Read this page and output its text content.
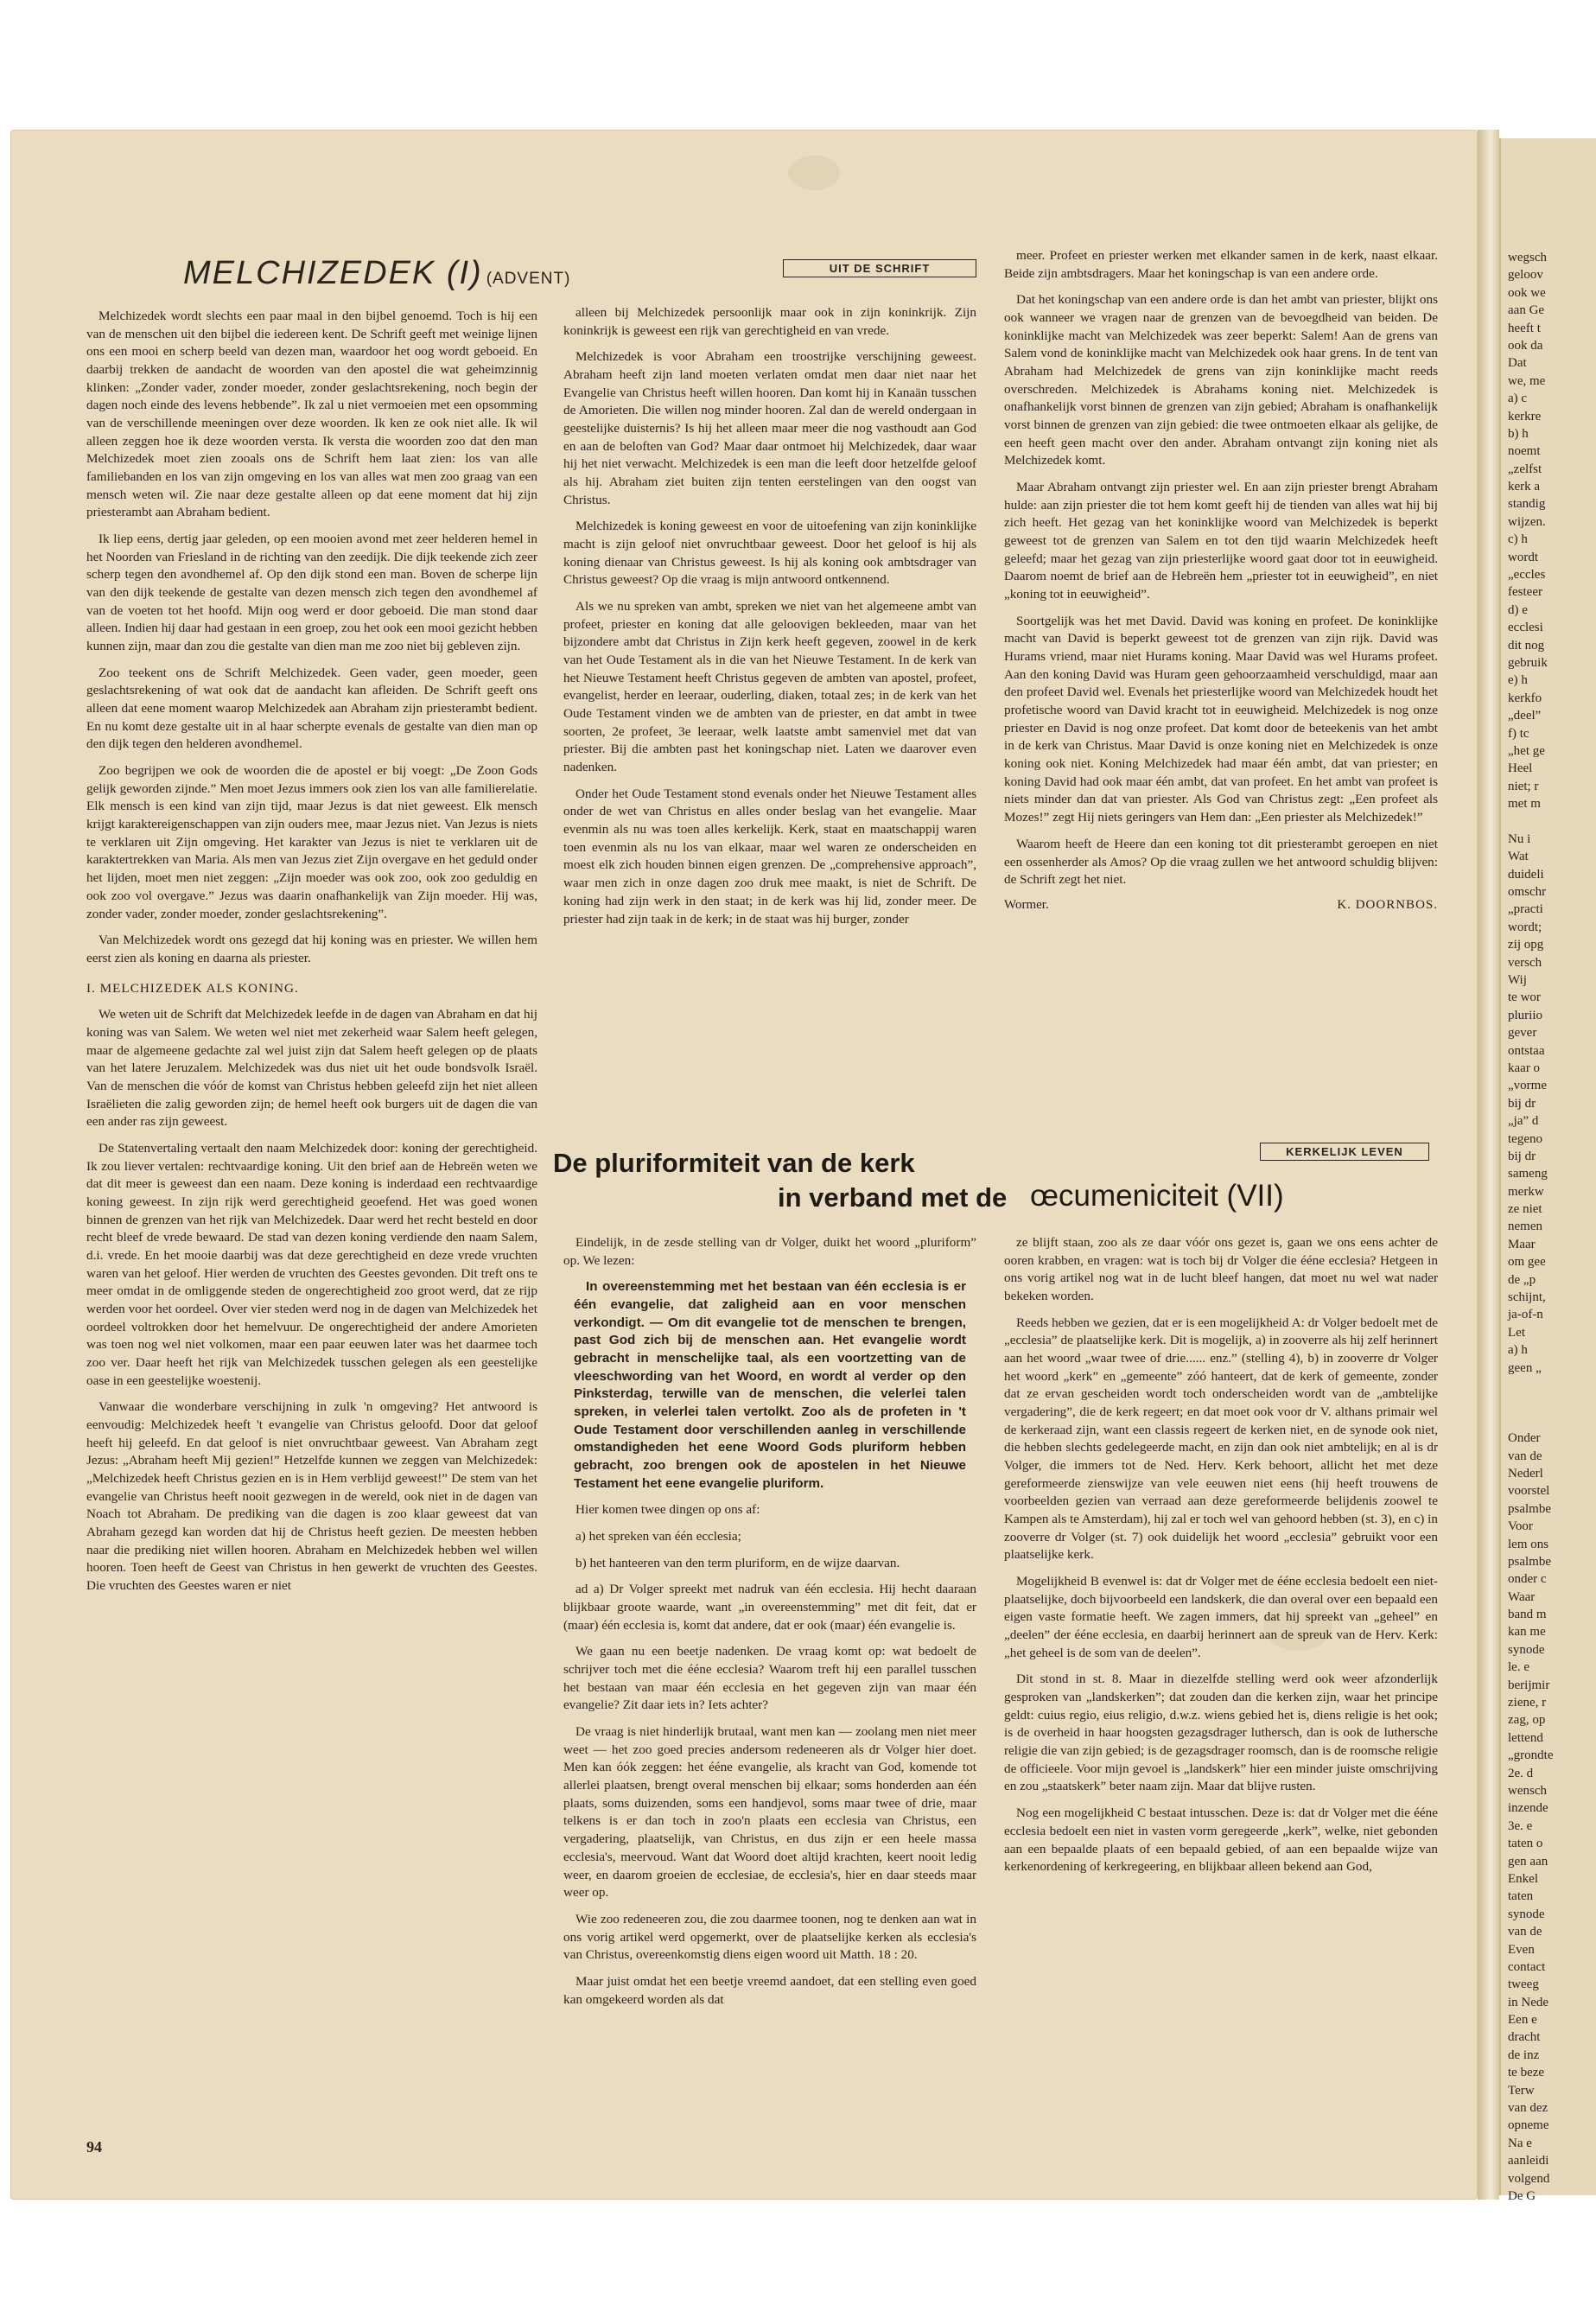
MELCHIZEDEK (I) (ADVENT)
UIT DE SCHRIFT

Melchizedek wordt slechts een paar maal in den bijbel genoemd. Toch is hij een van de menschen uit den bijbel die iedereen kent. De Schrift geeft met weinige lijnen ons een mooi en scherp beeld van dezen man, waardoor het oog wordt geboeid. En daarbij trekken de aandacht de woorden van den apostel die wat geheimzinnig klinken: „Zonder vader, zonder moeder, zonder geslachtsrekening, noch begin der dagen noch einde des levens hebbende”. Ik zal u niet vermoeien met een opsomming van de verschillende meeningen over deze woorden. Ik ken ze ook niet alle. Ik wil alleen zeggen hoe ik deze woorden versta. Ik versta die woorden zoo dat den man Melchizedek moet zien zooals ons de Schrift hem laat zien: los van alle familiebanden en los van zijn omgeving en los van alles wat men zoo graag van een mensch weten wil. Zie naar deze gestalte alleen op dat eene moment dat hij zijn priesterambt aan Abraham bedient.

Ik liep eens, dertig jaar geleden, op een mooien avond met zeer helderen hemel in het Noorden van Friesland in de richting van den zeedijk. Die dijk teekende zich zeer scherp tegen den avondhemel af. Op den dijk stond een man. Boven de scherpe lijn van den dijk teekende de gestalte van dezen mensch zich tegen den avondhemel af van de voeten tot het hoofd. Mijn oog werd er door geboeid. Die man stond daar alleen. Indien hij daar had gestaan in een groep, zou het ook een mooi gezicht hebben kunnen zijn, maar dan zou die gestalte van dien man me zoo niet bij gebleven zijn.

Zoo teekent ons de Schrift Melchizedek. Geen vader, geen moeder, geen geslachtsrekening of wat ook dat de aandacht kan afleiden. De Schrift geeft ons alleen dat eene moment waarop Melchizedek aan Abraham zijn priesterambt bedient. En nu komt deze gestalte uit in al haar scherpte evenals de gestalte van dien man op den dijk tegen den helderen avondhemel.

Zoo begrijpen we ook de woorden die de apostel er bij voegt: „De Zoon Gods gelijk geworden zijnde.” Men moet Jezus immers ook zien los van alle familierelatie. Elk mensch is een kind van zijn tijd, maar Jezus is dat niet geweest. Elk mensch krijgt karaktereigenschappen van zijn ouders mee, maar Jezus niet. Van Jezus is niets te verklaren uit Zijn omgeving. Het karakter van Jezus is niet te verklaren uit de karaktertrekken van Maria. Als men van Jezus ziet Zijn overgave en het geduld onder het lijden, moet men niet zeggen: „Zijn moeder was ook zoo, ook zoo geduldig en ook zoo vol overgave.” Jezus was daarin onafhankelijk van Zijn moeder. Hij was, zonder vader, zonder moeder, zonder geslachtsrekening”.

Van Melchizedek wordt ons gezegd dat hij koning was en priester. We willen hem eerst zien als koning en daarna als priester.

I. MELCHIZEDEK ALS KONING.

We weten uit de Schrift dat Melchizedek leefde in de dagen van Abraham en dat hij koning was van Salem. We weten wel niet met zekerheid waar Salem heeft gelegen, maar de algemeene gedachte zal wel juist zijn dat Salem heeft gelegen op de plaats van het latere Jeruzalem. Melchizedek was dus niet uit het oude bondsvolk Israël. Van de menschen die vóór de komst van Christus hebben geleefd zijn het niet alleen Israëlieten die zalig geworden zijn; de hemel heeft ook burgers uit de dagen die van een ander ras zijn geweest.

De Statenvertaling vertaalt den naam Melchizedek door: koning der gerechtigheid. Ik zou liever vertalen: rechtvaardige koning. Uit den brief aan de Hebreën weten we dat dit meer is geweest dan een naam. Deze koning is inderdaad een rechtvaardige koning geweest. In zijn rijk werd gerechtigheid geoefend. Het was goed wonen binnen de grenzen van het rijk van Melchizedek. Daar werd het recht besteld en door recht bleef de vrede bewaard. De stad van dezen koning verdiende den naam Salem, d.i. vrede. En het mooie daarbij was dat deze gerechtigheid en deze vrede vruchten waren van het geloof. Hier werden de vruchten des Geestes gevonden. Dit treft ons te meer omdat in de omliggende steden de ongerechtigheid zoo groot werd, dat ze rijp werden voor het oordeel. Over vier steden werd nog in de dagen van Melchizedek het oordeel voltrokken door het hemelvuur. De ongerechtigheid der andere Amorieten was toen nog wel niet volkomen, maar een paar eeuwen later was het daarmee toch zoo ver. Daar heeft het rijk van Melchizedek tusschen gelegen als een geestelijke oase in een geestelijke woestenij.

Vanwaar die wonderbare verschijning in zulk 'n omgeving? Het antwoord is eenvoudig: Melchizedek heeft 't evangelie van Christus geloofd. Door dat geloof heeft hij geleefd. En dat geloof is niet onvruchtbaar geweest. Van Abraham zegt Jezus: „Abraham heeft Mij gezien!” Hetzelfde kunnen we zeggen van Melchizedek: „Melchizedek heeft Christus gezien en is in Hem verblijd geweest!” De stem van het evangelie van Christus heeft nooit gezwegen in de wereld, ook niet in de dagen van Noach tot Abraham. De prediking van die dagen is zoo klaar geweest dat van Abraham gezegd kan worden dat hij de Christus heeft gezien. De meesten hebben naar die prediking niet willen hooren. Abraham en Melchizedek hebben wel willen hooren. Toen heeft de Geest van Christus in hen gewerkt de vruchten des Geestes. Die vruchten des Geestes waren er niet

94

alleen bij Melchizedek persoonlijk maar ook in zijn koninkrijk. Zijn koninkrijk is geweest een rijk van gerechtigheid en van vrede.

Melchizedek is voor Abraham een troostrijke verschijning geweest. Abraham heeft zijn land moeten verlaten omdat men daar niet naar het Evangelie van Christus heeft willen hooren. Dan komt hij in Kanaän tusschen de Amorieten. Die willen nog minder hooren. Zal dan de wereld ondergaan in geestelijke duisternis? Is hij het alleen maar meer die nog vasthoudt aan God en aan de beloften van God? Maar daar ontmoet hij Melchizedek, daar waar hij het niet verwacht. Melchizedek is een man die leeft door hetzelfde geloof als hij. Abraham ziet buiten zijn tenten eerstelingen van den oogst van Christus.

Melchizedek is koning geweest en voor de uitoefening van zijn koninklijke macht is zijn geloof niet onvruchtbaar geweest. Door het geloof is hij als koning dienaar van Christus geweest. Is hij als koning ook ambtsdrager van Christus geweest? Op die vraag is mijn antwoord ontkennend.

Als we nu spreken van ambt, spreken we niet van het algemeene ambt van profeet, priester en koning dat alle geloovigen bekleeden, maar van het bijzondere ambt dat Christus in Zijn kerk heeft gegeven, zoowel in de kerk van het Oude Testament als in die van het Nieuwe Testament. In de kerk van het Nieuwe Testament heeft Christus gegeven de ambten van apostel, profeet, evangelist, herder en leeraar, ouderling, diaken, totaal zes; in de kerk van het Oude Testament vinden we de ambten van de priester, en dat ambt in twee soorten, 2e profeet, 3e leeraar, welk laatste ambt samenviel met dat van priester. Bij die ambten past het koningschap niet. Laten we daarover even nadenken.

Onder het Oude Testament stond evenals onder het Nieuwe Testament alles onder de wet van Christus en alles onder beslag van het evangelie. Maar evenmin als nu was toen alles kerkelijk. Kerk, staat en maatschappij waren toen evenmin als nu los van elkaar, maar wel waren ze onderscheiden en moest elk zich houden binnen eigen grenzen. De „comprehensive approach”, waar men zich in onze dagen zoo druk mee maakt, is niet de Schrift. De koning had zijn werk in den staat; in de kerk was hij lid, zonder meer. De priester had zijn taak in de kerk; in de staat was hij burger, zonder

meer. Profeet en priester werken met elkander samen in de kerk, naast elkaar. Beide zijn ambtsdragers. Maar het koningschap is van een andere orde.

Dat het koningschap van een andere orde is dan het ambt van priester, blijkt ons ook wanneer we vragen naar de grenzen van de bevoegdheid van beiden. De koninklijke macht van Melchizedek was zeer beperkt: Salem! Aan de grens van Salem vond de koninklijke macht van Melchizedek ook haar grens. In de tent van Abraham had Melchizedek de grens van zijn koninklijke macht reeds overschreden. Melchizedek is Abrahams koning niet. Melchizedek is onafhankelijk vorst binnen de grenzen van zijn gebied; Abraham is onafhankelijk vorst binnen de grenzen van zijn gebied: die twee ontmoeten elkaar als gelijke, de een heeft geen macht over den ander. Abraham ontvangt zijn koning niet als Melchizedek komt.

Maar Abraham ontvangt zijn priester wel. En aan zijn priester brengt Abraham hulde: aan zijn priester die tot hem komt geeft hij de tienden van alles wat hij bij zich heeft. Het gezag van het koninklijke woord van Melchizedek is beperkt geweest tot de grenzen van Salem en tot den tijd waarin Melchizedek heeft geleefd; maar het gezag van zijn priesterlijke woord gaat door tot in eeuwigheid. Daarom noemt de brief aan de Hebreën hem „priester tot in eeuwigheid”, en niet „koning tot in eeuwigheid”.

Soortgelijk was het met David. David was koning en profeet. De koninklijke macht van David is beperkt geweest tot de grenzen van zijn rijk. David was Hurams vriend, maar niet Hurams koning. Maar David was wel Hurams profeet. Aan den koning David was Huram geen gehoorzaamheid verschuldigd, maar aan den profeet David wel. Evenals het priesterlijke woord van Melchizedek houdt het profetische woord van David kracht tot in eeuwigheid. Melchizedek is nog onze priester en David is nog onze profeet. Dat komt door de beteekenis van het ambt in de kerk van Christus. Maar David is onze koning niet en Melchizedek is onze koning ook niet. Koning Melchizedek had maar één ambt, dat van priester; en koning David had ook maar één ambt, dat van profeet. En het ambt van profeet is niets minder dan dat van priester. Als God van Christus zegt: „Een profeet als Mozes!” zegt Hij niets geringers van Hem dan: „Een priester als Melchizedek!”

Waarom heeft de Heere dan een koning tot dit priesterambt geroepen en niet een ossenherder als Amos? Op die vraag zullen we het antwoord schuldig blijven: de Schrift zegt het niet.

Wormer.	K. DOORNBOS.
KERKELIJK LEVEN
De pluriformiteit van de kerk
in verband met de œcumeniciteit (VII)

Eindelijk, in de zesde stelling van dr Volger, duikt het woord „pluriform” op. We lezen:

In overeenstemming met het bestaan van één ecclesia is er één evangelie, dat zaligheid aan en voor menschen verkondigt. — Om dit evangelie tot de menschen te brengen, past God zich bij de menschen aan. Het evangelie wordt gebracht in menschelijke taal, als een voortzetting van de vleeschwording van het Woord, en wordt al verder op den Pinksterdag, terwille van de menschen, die velerlei talen spreken, in velerlei talen vertolkt. Zoo als de profeten in 't Oude Testament door verschillenden aanleg in verschillende omstandigheden het eene Woord Gods pluriform hebben gebracht, zoo brengen ook de apostelen in het Nieuwe Testament het eene evangelie pluriform.

Hier komen twee dingen op ons af:

a) het spreken van één ecclesia;

b) het hanteeren van den term pluriform, en de wijze daarvan.

ad a) Dr Volger spreekt met nadruk van één ecclesia. Hij hecht daaraan blijkbaar groote waarde, want „in overeenstemming” met dit feit, dat er (maar) één ecclesia is, komt dat andere, dat er ook (maar) één evangelie is.

We gaan nu een beetje nadenken. De vraag komt op: wat bedoelt de schrijver toch met die ééne ecclesia? Waarom treft hij een parallel tusschen het bestaan van maar één ecclesia en het gegeven zijn van maar één evangelie? Zit daar iets in? Iets achter?

De vraag is niet hinderlijk brutaal, want men kan — zoolang men niet meer weet — het zoo goed precies andersom redeneeren als dr Volger hier doet. Men kan óók zeggen: het ééne evangelie, als kracht van God, komende tot allerlei plaatsen, brengt overal menschen bij elkaar; soms honderden aan één plaats, soms duizenden, soms een handjevol, soms maar twee of drie, maar telkens is er dan toch in zoo'n plaats een ecclesia van Christus, een vergadering, plaatselijk, van Christus, en dus zijn er een heele massa ecclesia's, meervoud. Want dat Woord doet altijd krachten, keert nooit ledig weer, en daarom groeien de ecclesiae, de ecclesia's, hier en daar steeds maar weer op.

Wie zoo redeneeren zou, die zou daarmee toonen, nog te denken aan wat in ons vorig artikel werd opgemerkt, over de plaatselijke kerken als ecclesia's van Christus, overeenkomstig diens eigen woord uit Matth. 18 : 20.

Maar juist omdat het een beetje vreemd aandoet, dat een stelling even goed kan omgekeerd worden als dat

ze blijft staan, zoo als ze daar vóór ons gezet is, gaan we ons eens achter de ooren krabben, en vragen: wat is toch bij dr Volger die ééne ecclesia? Hetgeen in ons vorig artikel nog wat in de lucht bleef hangen, dat moet nu wel wat nader bekeken worden.

Reeds hebben we gezien, dat er is een mogelijkheid A: dr Volger bedoelt met de „ecclesia” de plaatselijke kerk. Dit is mogelijk, a) in zooverre als hij zelf herinnert aan het woord „waar twee of drie...... enz.” (stelling 4), b) in zooverre dr Volger het woord „kerk” en „gemeente” zóó hanteert, dat de kerk of gemeente, zonder dat ze ervan gescheiden wordt toch onderscheiden wordt van de „ambtelijke vergadering”, die de kerk regeert; en dat moet ook voor dr V. althans primair wel de kerkeraad zijn, want een classis regeert de kerken niet, en de synode ook niet, die hebben slechts gedelegeerde macht, en zijn dan ook niet ambtelijk; en al is dr Volger, die immers tot de Ned. Herv. Kerk behoort, allicht het met deze gereformeerde zienswijze van vele eeuwen niet eens (hij heeft trouwens de voorbeelden gezien van verraad aan deze gereformeerde belijdenis zoowel te Kampen als te Amsterdam), hij zal er toch wel van gehoord hebben (st. 3), en c) in zooverre dr Volger (st. 7) ook duidelijk het woord „ecclesia” gebruikt voor een plaatselijke kerk.

Mogelijkheid B evenwel is: dat dr Volger met de ééne ecclesia bedoelt een niet-plaatselijke, doch bijvoorbeeld een landskerk, die dan overal over een bepaald een eigen vaste formatie heeft. We zagen immers, dat hij spreekt van „geheel” en „deelen” der ééne ecclesia, en daarbij herinnert aan de spreuk van de Herv. Kerk: „het geheel is de som van de deelen”.

Dit stond in st. 8. Maar in diezelfde stelling werd ook weer afzonderlijk gesproken van „landskerken”; dat zouden dan die kerken zijn, waar het principe geldt: cuius regio, eius religio, d.w.z. wiens gebied het is, diens religie is het ook; is de overheid in haar hoogsten gezagsdrager luthersch, dan is ook de luthersche religie die van zijn gebied; is de gezagsdrager roomsch, dan is de roomsche religie de officieele. Voor mijn gevoel is „landskerk” hier een minder juiste omschrijving en zou „staatskerk” beter naam zijn. Maar dat blijve rusten.

Nog een mogelijkheid C bestaat intusschen. Deze is: dat dr Volger met die ééne ecclesia bedoelt een niet in vasten vorm geregeerde „kerk”, welke, niet gebonden aan een bepaalde plaats of een bepaald gebied, of aan een bepaalde wijze van kerkenordening of kerkregeering, en blijkbaar alleen bekend aan God,

wegsch

geloov

ook we

aan Ge

heeft t

ook da

Dat

we, me

a) c

kerkre

b) h

noemt

„zelfst

kerk a

standig

wijzen.

c) h

wordt

„eccles

festeer

d) e

ecclesi

dit nog

gebruik

e) h

kerkfo

„deel”

f) tc

„het ge

Heel

niet; r

met m

Nu i

Wat

duideli

omschr

„practi

wordt;

zij opg

versch

Wij

te wor

pluriio

gever

ontstaa

kaar o

„vorme

bij dr

„ja” d

tegeno

bij dr

sameng

merkw

ze niet

nemen

Maar

om gee

de „p

schijnt,

ja-of-n

Let

a) h

geen „

Onder

van de

Nederl

voorstel

psalmbe

Voor

lem ons

psalmbe

onder c

Waar

band m

kan me

synode

le. e

berijmir

ziene, r

zag, op

lettend

„grondte

2e. d

wensch

inzende

3e. e

taten o

gen aan

Enkel

taten

synode

van de

Even

contact

tweeg

in Nede

Een e

dracht

de inz

te beze

Terw

van dez

opneme

Na e

aanleidi

volgend

De G
